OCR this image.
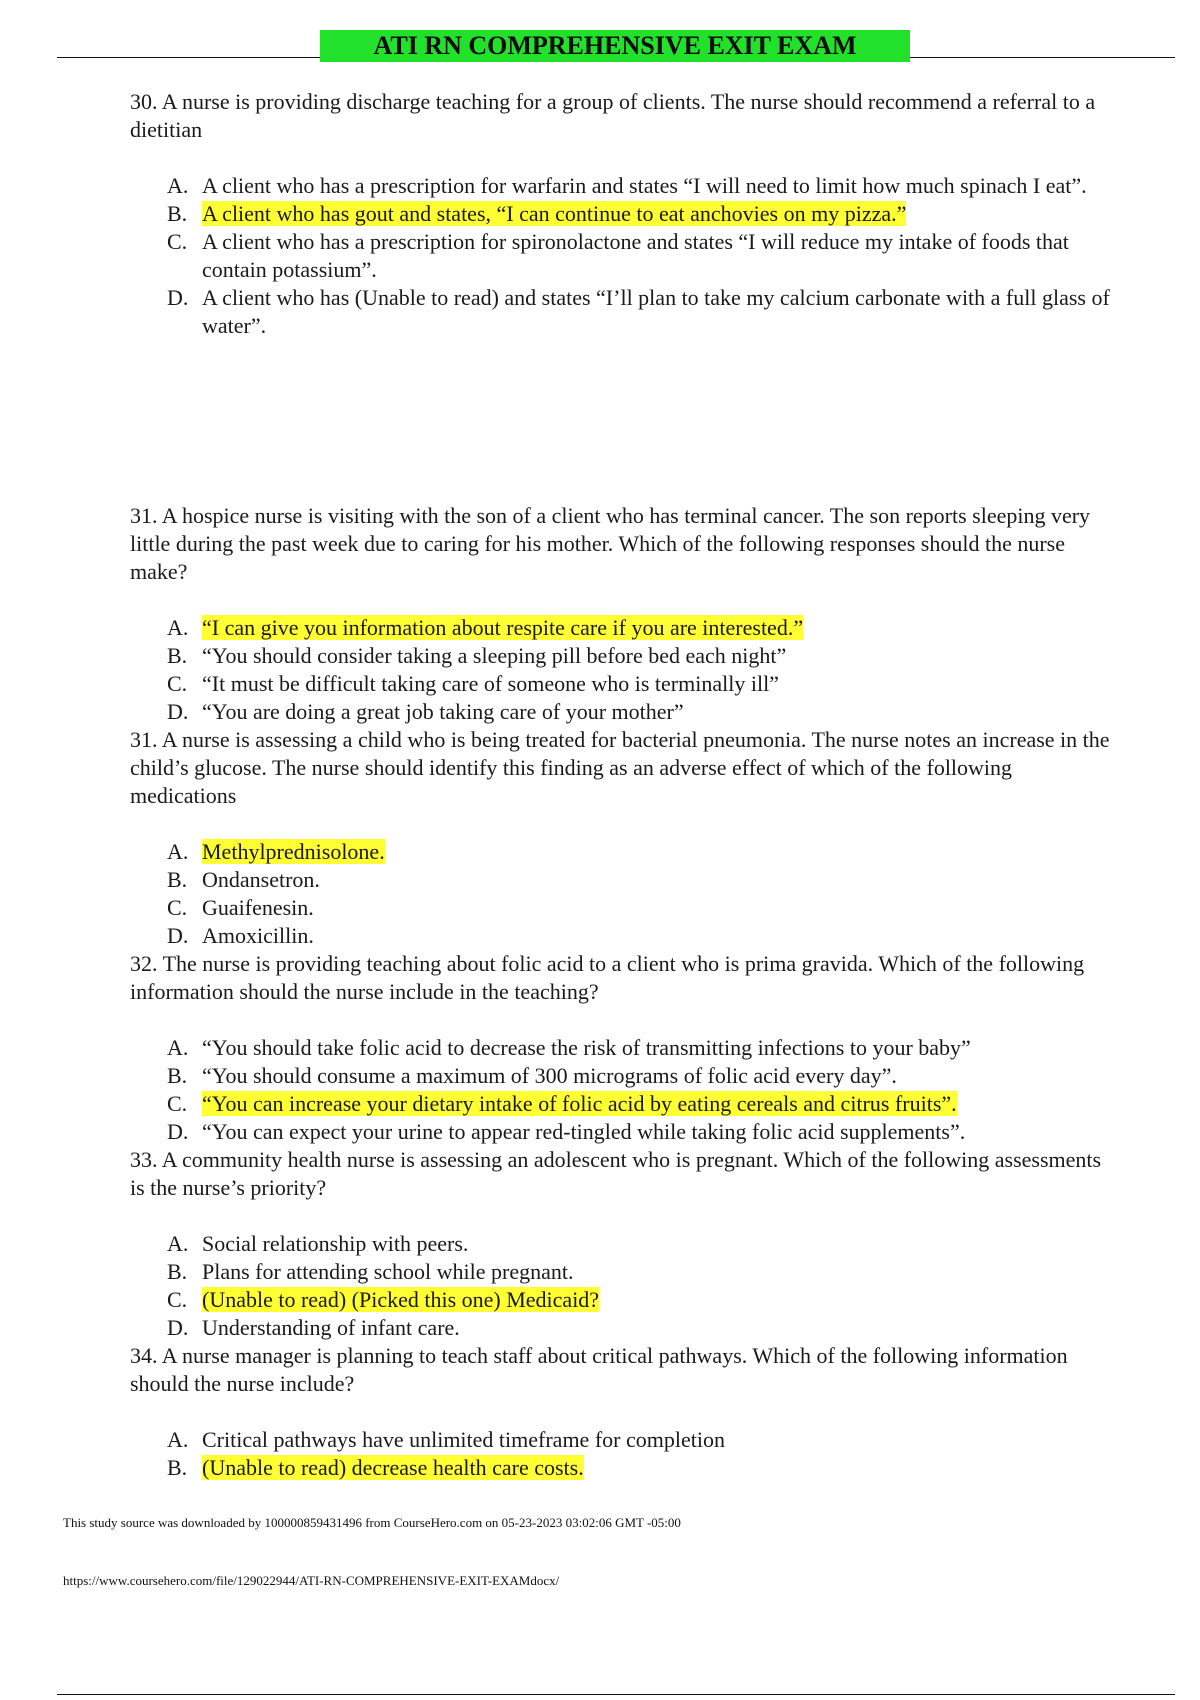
ATI RN COMPREHENSIVE EXIT EXAM

30. A nurse is providing discharge teaching for a group of clients. The nurse should recommend a referral to a dietitian

A. A client who has a prescription for warfarin and states “I will need to limit how much spinach I eat”.
B. A client who has gout and states, “I can continue to eat anchovies on my pizza.”
C. A client who has a prescription for spironolactone and states “I will reduce my intake of foods that contain potassium”.
D. A client who has (Unable to read) and states “I’ll plan to take my calcium carbonate with a full glass of water”.

31. A hospice nurse is visiting with the son of a client who has terminal cancer. The son reports sleeping very little during the past week due to caring for his mother. Which of the following responses should the nurse make?

A. “I can give you information about respite care if you are interested.”
B. “You should consider taking a sleeping pill before bed each night”
C. “It must be difficult taking care of someone who is terminally ill”
D. “You are doing a great job taking care of your mother”

31. A nurse is assessing a child who is being treated for bacterial pneumonia. The nurse notes an increase in the child’s glucose. The nurse should identify this finding as an adverse effect of which of the following medications

A. Methylprednisolone.
B. Ondansetron.
C. Guaifenesin.
D. Amoxicillin.

32. The nurse is providing teaching about folic acid to a client who is prima gravida. Which of the following information should the nurse include in the teaching?

A. “You should take folic acid to decrease the risk of transmitting infections to your baby”
B. “You should consume a maximum of 300 micrograms of folic acid every day”.
C. “You can increase your dietary intake of folic acid by eating cereals and citrus fruits”.
D. “You can expect your urine to appear red-tingled while taking folic acid supplements”.

33. A community health nurse is assessing an adolescent who is pregnant. Which of the following assessments is the nurse’s priority?

A. Social relationship with peers.
B. Plans for attending school while pregnant.
C. (Unable to read) (Picked this one) Medicaid?
D. Understanding of infant care.

34. A nurse manager is planning to teach staff about critical pathways. Which of the following information should the nurse include?

A. Critical pathways have unlimited timeframe for completion
B. (Unable to read) decrease health care costs.
This study source was downloaded by 100000859431496 from CourseHero.com on 05-23-2023 03:02:06 GMT -05:00
https://www.coursehero.com/file/129022944/ATI-RN-COMPREHENSIVE-EXIT-EXAMdocx/
